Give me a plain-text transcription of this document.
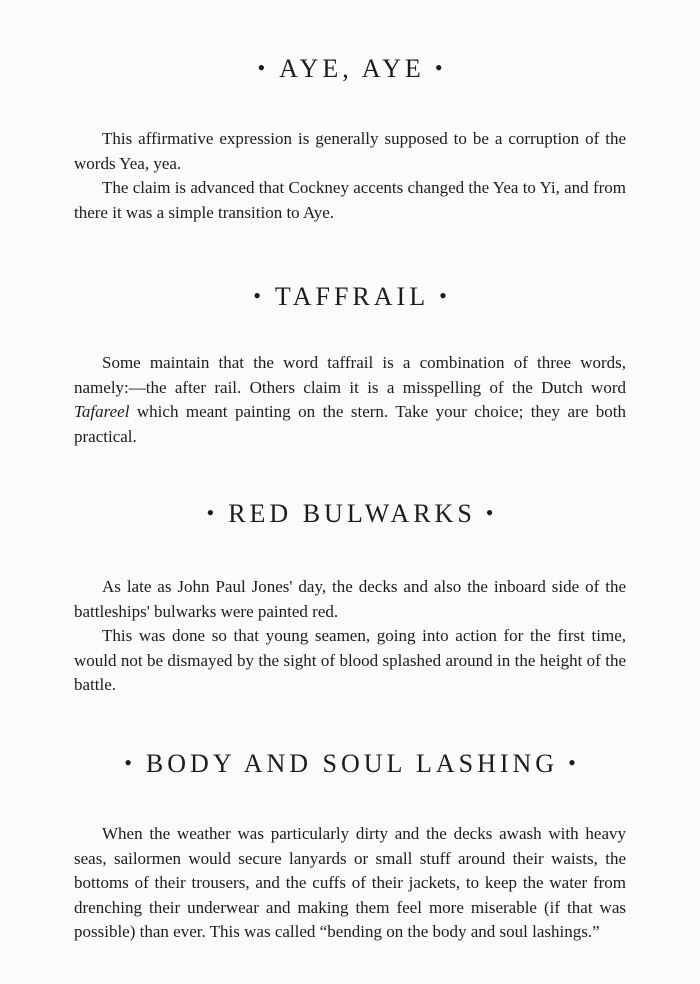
• AYE, AYE •

This affirmative expression is generally supposed to be a corruption of the words Yea, yea.

The claim is advanced that Cockney accents changed the Yea to Yi, and from there it was a simple transition to Aye.

• TAFFRAIL •

Some maintain that the word taffrail is a combination of three words, namely:—the after rail. Others claim it is a misspelling of the Dutch word Tafareel which meant painting on the stern. Take your choice; they are both practical.

• RED BULWARKS •

As late as John Paul Jones' day, the decks and also the inboard side of the battleships' bulwarks were painted red.

This was done so that young seamen, going into action for the first time, would not be dismayed by the sight of blood splashed around in the height of the battle.

• BODY AND SOUL LASHING •

When the weather was particularly dirty and the decks awash with heavy seas, sailormen would secure lanyards or small stuff around their waists, the bottoms of their trousers, and the cuffs of their jackets, to keep the water from drenching their underwear and making them feel more miserable (if that was possible) than ever. This was called “bending on the body and soul lashings.”
